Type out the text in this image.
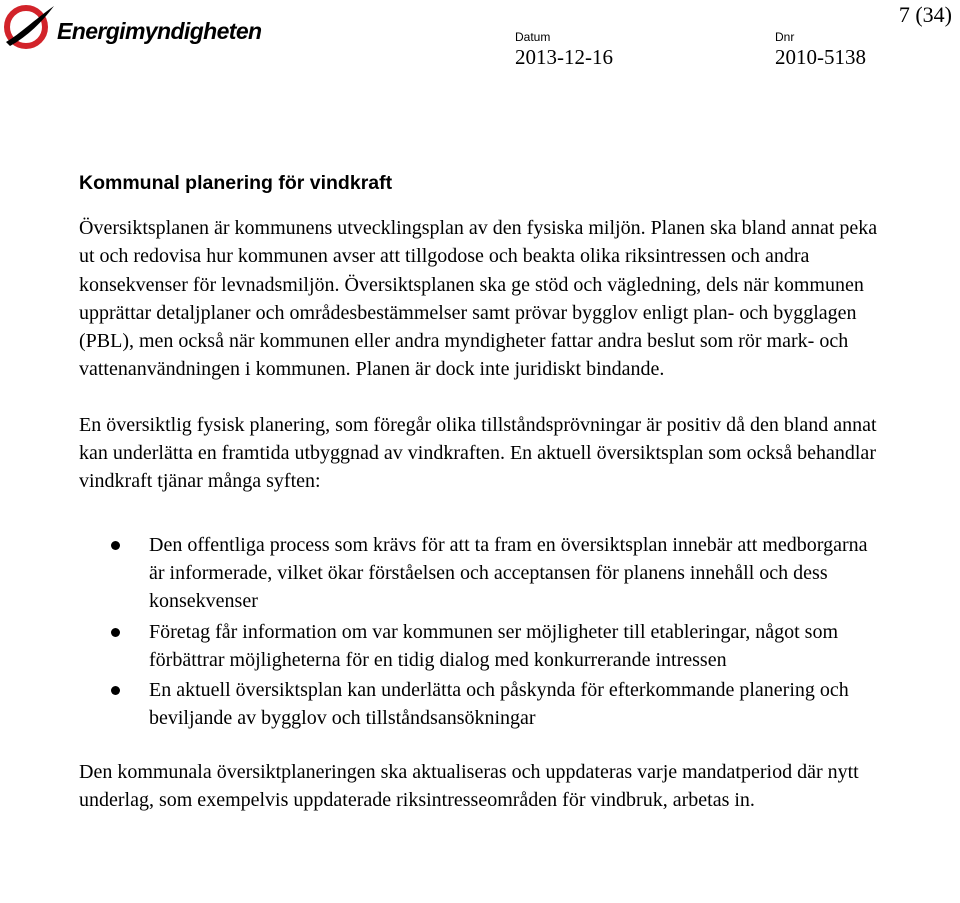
Energimyndigheten	Datum
2013-12-16
Dnr
2010-5138
7 (34)
Kommunal planering för vindkraft

Översiktsplanen är kommunens utvecklingsplan av den fysiska miljön. Planen ska bland annat peka ut och redovisa hur kommunen avser att tillgodose och beakta olika riksintressen och andra konsekvenser för levnadsmiljön. Översiktsplanen ska ge stöd och vägledning, dels när kommunen upprättar detaljplaner och områdesbestämmelser samt prövar bygglov enligt plan- och bygglagen (PBL), men också när kommunen eller andra myndigheter fattar andra beslut som rör mark- och vattenanvändningen i kommunen. Planen är dock inte juridiskt bindande.

En översiktlig fysisk planering, som föregår olika tillståndsprövningar är positiv då den bland annat kan underlätta en framtida utbyggnad av vindkraften. En aktuell översiktsplan som också behandlar vindkraft tjänar många syften:

Den offentliga process som krävs för att ta fram en översiktsplan innebär att medborgarna är informerade, vilket ökar förståelsen och acceptansen för planens innehåll och dess konsekvenser
Företag får information om var kommunen ser möjligheter till etableringar, något som förbättrar möjligheterna för en tidig dialog med konkurrerande intressen
En aktuell översiktsplan kan underlätta och påskynda för efterkommande planering och beviljande av bygglov och tillståndsansökningar

Den kommunala översiktplaneringen ska aktualiseras och uppdateras varje mandatperiod där nytt underlag, som exempelvis uppdaterade riksintresseområden för vindbruk, arbetas in.
